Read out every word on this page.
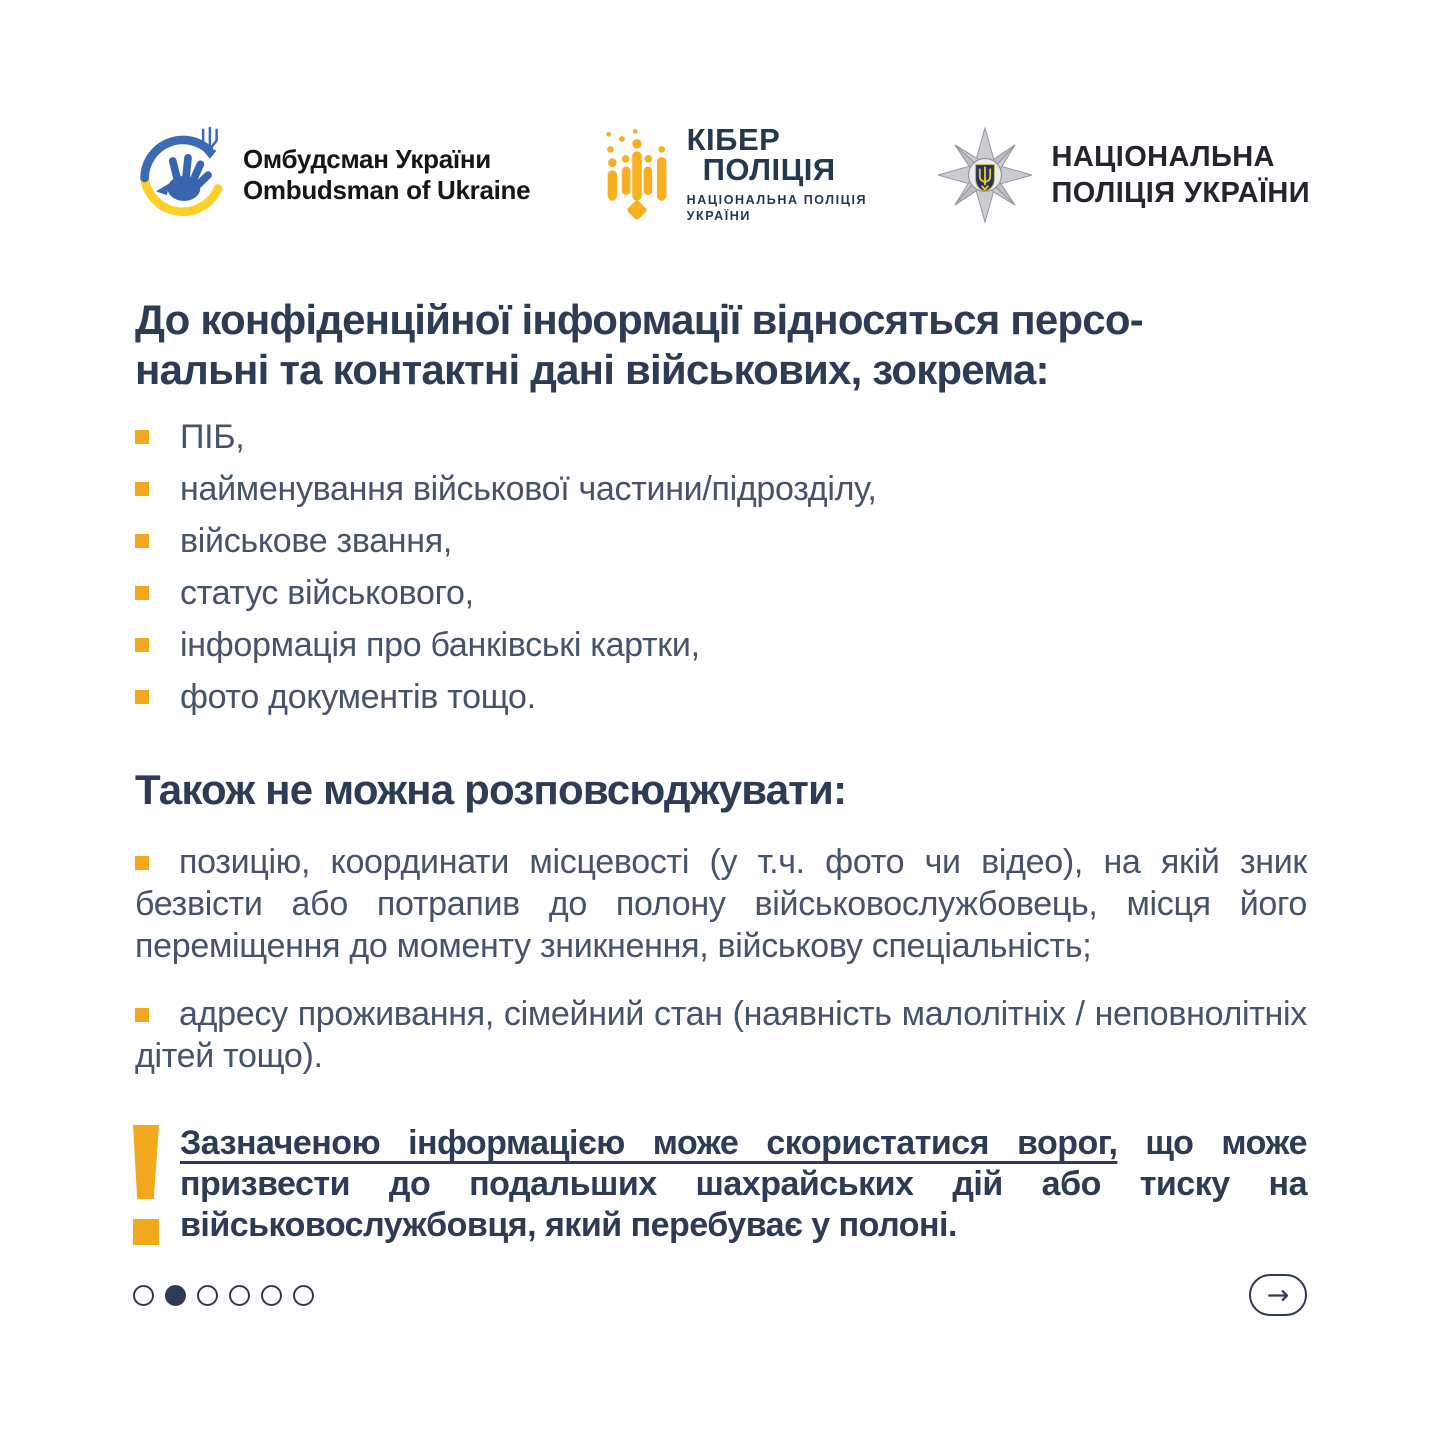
Омбудсман України
Ombudsman of Ukraine
КІБЕР
ПОЛІЦІЯ
НАЦІОНАЛЬНА ПОЛІЦІЯ
УКРАЇНИ
НАЦІОНАЛЬНА
ПОЛІЦІЯ УКРАЇНИ
До конфіденційної інформації відносяться персо-
нальні та контактні дані військових, зокрема:
ПІБ,
найменування військової частини/підрозділу,
військове звання,
статус військового,
інформація про банківські картки,
фото документів тощо.
Також не можна розповсюджувати:

позицію, координати місцевості (у т.ч. фото чи відео), на якій зник безвісти або потрапив до полону військовослужбовець, місця його переміщення до моменту зникнення, військову спеціальність;

адресу проживання, сімейний стан (наявність малолітніх / неповнолітніх дітей тощо).

Зазначеною інформацією може скористатися ворог, що може призвести до подальших шахрайських дій або тиску на військовослужбовця, який перебуває у полоні.

→
